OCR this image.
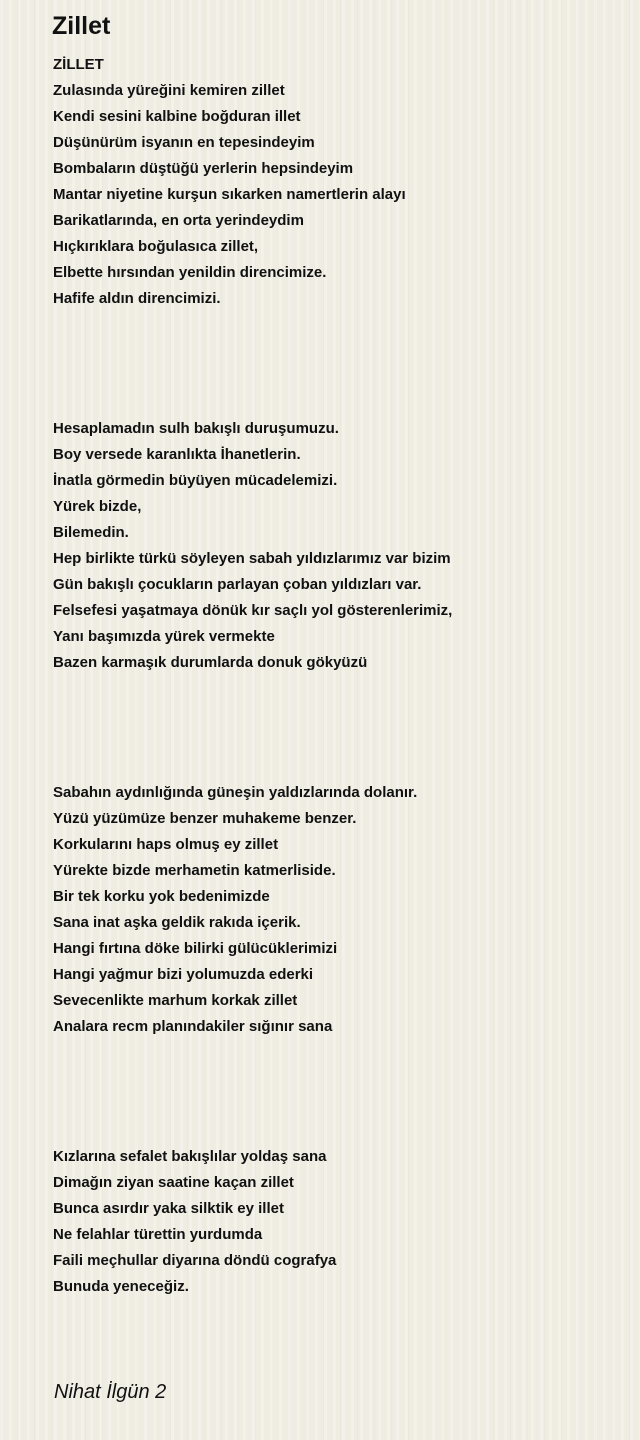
Zillet
ZİLLET
Zulasında yüreğini kemiren zillet
Kendi sesini kalbine boğduran illet
Düşünürüm isyanın en tepesindeyim
Bombaların düştüğü yerlerin hepsindeyim
Mantar niyetine kurşun sıkarken namertlerin alayı
Barikatlarında, en orta yerindeydim
Hıçkırıklara boğulasıca zillet,
Elbette hırsından yenildin direncimize.
Hafife aldın direncimizi.
Hesaplamadın sulh bakışlı duruşumuzu.
Boy versede karanlıkta İhanetlerin.
İnatla görmedin büyüyen mücadelemizi.
Yürek bizde,
Bilemedin.
Hep birlikte türkü söyleyen sabah yıldızlarımız var bizim
Gün bakışlı çocukların parlayan çoban yıldızları var.
Felsefesi yaşatmaya dönük kır saçlı yol gösterenlerimiz,
Yanı başımızda yürek vermekte
Bazen karmaşık durumlarda donuk gökyüzü
Sabahın aydınlığında güneşin yaldızlarında dolanır.
Yüzü yüzümüze benzer muhakeme benzer.
Korkularını haps olmuş ey zillet
Yürekte bizde merhametin katmerliside.
Bir tek korku yok bedenimizde
Sana inat aşka geldik rakıda içerik.
Hangi fırtına döke bilirki gülücüklerimizi
Hangi yağmur bizi yolumuzda ederki
Sevecenlikte marhum korkak zillet
Analara recm planındakiler sığınır sana
Kızlarına sefalet bakışlılar yoldaş sana
Dimağın ziyan saatine kaçan zillet
Bunca asırdır yaka silktik ey illet
Ne felahlar türettin yurdumda
Faili meçhullar diyarına döndü cografya
Bunuda yeneceğiz.
Nihat İlgün 2
